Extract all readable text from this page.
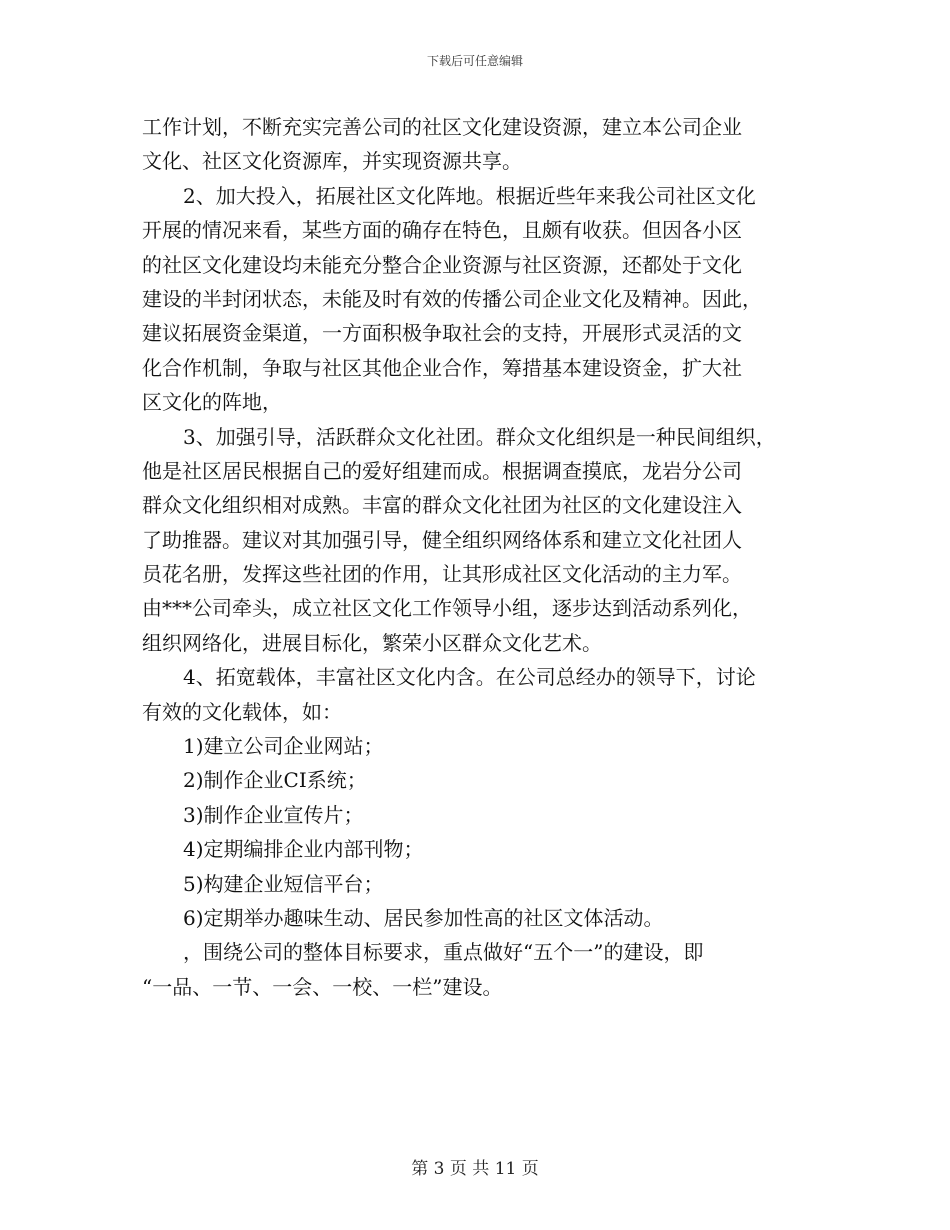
下载后可任意编辑
工作计划，不断充实完善公司的社区文化建设资源，建立本公司企业
文化、社区文化资源库，并实现资源共享。
2、加大投入，拓展社区文化阵地。根据近些年来我公司社区文化
开展的情况来看，某些方面的确存在特色，且颇有收获。但因各小区
的社区文化建设均未能充分整合企业资源与社区资源，还都处于文化
建设的半封闭状态，未能及时有效的传播公司企业文化及精神。因此，
建议拓展资金渠道，一方面积极争取社会的支持，开展形式灵活的文
化合作机制，争取与社区其他企业合作，筹措基本建设资金，扩大社
区文化的阵地，
3、加强引导，活跃群众文化社团。群众文化组织是一种民间组织，
他是社区居民根据自己的爱好组建而成。根据调查摸底，龙岩分公司
群众文化组织相对成熟。丰富的群众文化社团为社区的文化建设注入
了助推器。建议对其加强引导，健全组织网络体系和建立文化社团人
员花名册，发挥这些社团的作用，让其形成社区文化活动的主力军。
由***公司牵头，成立社区文化工作领导小组，逐步达到活动系列化，
组织网络化，进展目标化，繁荣小区群众文化艺术。
4、拓宽载体，丰富社区文化内含。在公司总经办的领导下，讨论
有效的文化载体，如：
1)建立公司企业网站；
2)制作企业CI系统；
3)制作企业宣传片；
4)定期编排企业内部刊物；
5)构建企业短信平台；
6)定期举办趣味生动、居民参加性高的社区文体活动。
，围绕公司的整体目标要求，重点做好“五个一”的建设，即
“一品、一节、一会、一校、一栏”建设。
第 3 页 共 11 页
